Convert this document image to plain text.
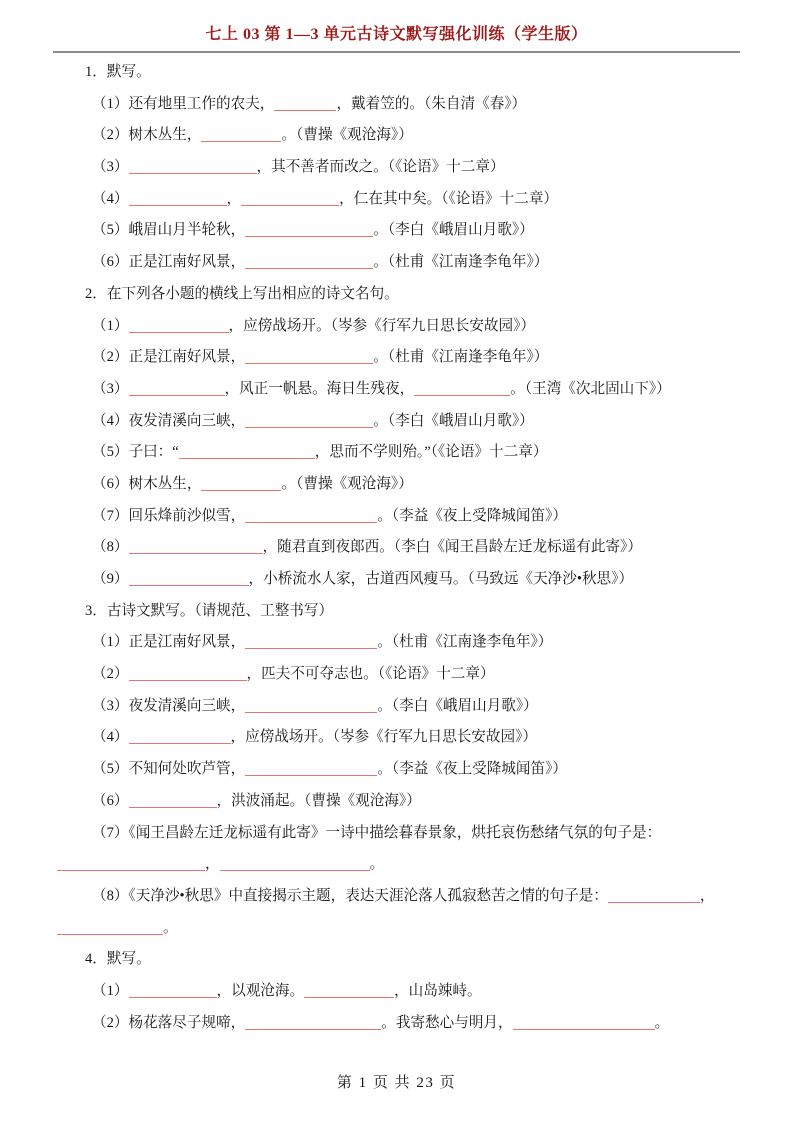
七上 03 第 1—3 单元古诗文默写强化训练（学生版）
1．默写。
（1）还有地里工作的农夫，	，戴着笠的。（朱自清《春》）
（2）树木丛生，	。（曹操《观沧海》）
（3）	，其不善者而改之。（《论语》十二章）
（4）	，	，仁在其中矣。（《论语》十二章）
（5）峨眉山月半轮秋，	。（李白《峨眉山月歌》）
（6）正是江南好风景，	。（杜甫《江南逢李龟年》）
2．在下列各小题的横线上写出相应的诗文名句。
（1）	，应傍战场开。（岑参《行军九日思长安故园》）
（2）正是江南好风景，	。（杜甫《江南逢李龟年》）
（3）	，风正一帆悬。海日生残夜，	。（王湾《次北固山下》）
（4）夜发清溪向三峡，	。（李白《峨眉山月歌》）
（5）子曰：“	，思而不学则殆。”（《论语》十二章）
（6）树木丛生，	。（曹操《观沧海》）
（7）回乐烽前沙似雪，	。（李益《夜上受降城闻笛》）
（8）	，随君直到夜郎西。（李白《闻王昌龄左迁龙标遥有此寄》）
（9）	，小桥流水人家，古道西风瘦马。（马致远《天净沙•秋思》）
3．古诗文默写。（请规范、工整书写）
（1）正是江南好风景，	。（杜甫《江南逢李龟年》）
（2）	，匹夫不可夺志也。（《论语》十二章）
（3）夜发清溪向三峡，	。（李白《峨眉山月歌》）
（4）	，应傍战场开。（岑参《行军九日思长安故园》）
（5）不知何处吹芦管，	。（李益《夜上受降城闻笛》）
（6）	，洪波涌起。（曹操《观沧海》）
（7）《闻王昌龄左迁龙标遥有此寄》一诗中描绘暮春景象，烘托哀伤愁绪气氛的句子是：
，	。
（8）《天净沙•秋思》中直接揭示主题，表达天涯沦落人孤寂愁苦之情的句子是：	，
。
4．默写。
（1）	，以观沧海。	，山岛竦峙。
（2）杨花落尽子规啼，	。我寄愁心与明月，	。
第 1 页 共 23 页
